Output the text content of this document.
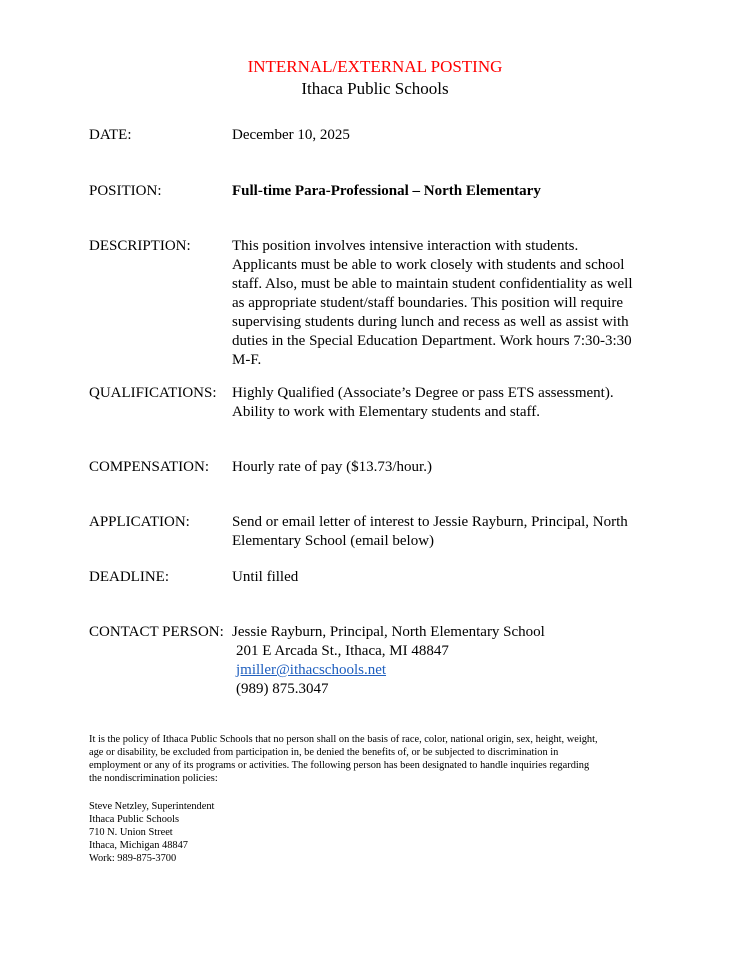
INTERNAL/EXTERNAL POSTING
Ithaca Public Schools
DATE:	December 10, 2025
POSITION:	Full-time Para-Professional – North Elementary
DESCRIPTION:	This position involves intensive interaction with students.
Applicants must be able to work closely with students and school
staff. Also, must be able to maintain student confidentiality as well
as appropriate student/staff boundaries. This position will require
supervising students during lunch and recess as well as assist with
duties in the Special Education Department. Work hours 7:30-3:30
M-F.
QUALIFICATIONS: Highly Qualified (Associate’s Degree or pass ETS assessment).
Ability to work with Elementary students and staff.
COMPENSATION: Hourly rate of pay ($13.73/hour.)
APPLICATION:	Send or email letter of interest to Jessie Rayburn, Principal, North
Elementary School (email below)
DEADLINE:	Until filled
CONTACT PERSON: Jessie Rayburn, Principal, North Elementary School
201 E Arcada St., Ithaca, MI 48847
jmiller@ithacschools.net
(989) 875.3047
It is the policy of Ithaca Public Schools that no person shall on the basis of race, color, national origin, sex, height, weight,
age or disability, be excluded from participation in, be denied the benefits of, or be subjected to discrimination in
employment or any of its programs or activities. The following person has been designated to handle inquiries regarding
the nondiscrimination policies:
Steve Netzley, Superintendent
Ithaca Public Schools
710 N. Union Street
Ithaca, Michigan 48847
Work: 989-875-3700
